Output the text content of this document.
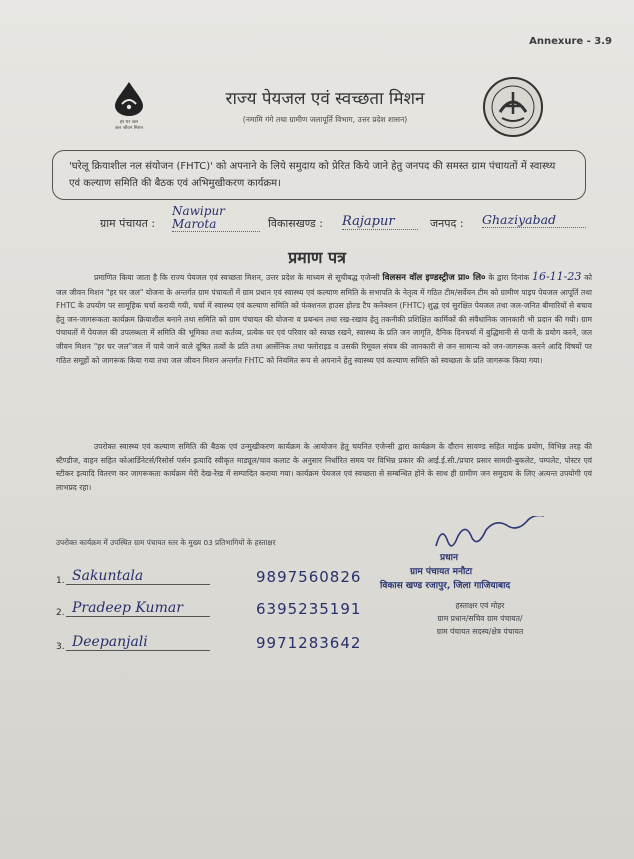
Annexure - 3.9
हर घर जल
जल जीवन मिशन
राज्य पेयजल एवं स्वच्छता मिशन
(नमामि गंगे तथा ग्रामीण जलापूर्ति विभाग, उत्तर प्रदेश शासन)
'घरेलू क्रियाशील नल संयोजन (FHTC)' को अपनाने के लिये समुदाय को प्रेरित किये जाने हेतु जनपद की समस्त ग्राम पंचायतों में स्वास्थ्य एवं कल्याण समिति की बैठक एवं अभिमुखीकरण कार्यक्रम।
ग्राम पंचायत :
Nawipur Marota	विकासखण्ड : Rajapur	जनपद : Ghaziyabad
प्रमाण पत्र
प्रमाणित किया जाता है कि राज्य पेयजल एवं स्वच्छता मिशन, उत्तर प्रदेश के माध्यम से सूचीबद्ध एजेन्सी विलसन वॉल इण्डस्ट्रीज प्रा० लि० के द्वारा दिनांक 16-11-23 को जल जीवन मिशन "हर घर जल" योजना के अन्तर्गत ग्राम पंचायतों में ग्राम प्रधान एवं स्वास्थ्य एवं कल्याण समिति के सभापति के नेतृत्व में गठित टीम/सर्वेयन टीम को ग्रामीण पाइप पेयजल आपूर्ति तथा FHTC के उपयोग पर सामूहिक चर्चा करायी गयी, चर्चा में स्वास्थ्य एवं कल्याण समिति को फंक्शनल हाउस होल्ड टैप कनेक्शन (FHTC) शुद्ध एवं सुरक्षित पेयजल तथा जल-जनित बीमारियों से बचाव हेतु जन-जागरूकता कार्यक्रम क्रियाशील बनाने तथा समिति को ग्राम पंचायत की योजना व प्रबन्धन तथा रख-रखाव हेतु तकनीकी प्रशिक्षित कार्मिकों की संवैधानिक जानकारी भी प्रदान की गयी। ग्राम पंचायतों में पेयजल की उपलब्धता में समिति की भूमिका तथा कर्तव्य, प्रत्येक घर एवं परिवार को स्वच्छ रखने, स्वास्थ्य के प्रति जन जागृति, दैनिक दिनचर्या में बुद्धिमानी से पानी के प्रयोग करने, जल जीवन मिशन "हर घर जल"जल में पाये जाने वाले दूषित तत्वों के प्रति तथा आर्सेनिक तथा फ्लोराइड व उसकी रिमूवल संयत्र की जानकारी से जन सामान्य को जन-जागरूक करने आदि विषयों पर गठित समूहों को जागरूक किया गया तथा जल जीवन मिशन अन्तर्गत FHTC को नियमित रूप से अपनाने हेतु स्वास्थ्य एवं कल्याण समिति को स्वच्छता के प्रति जागरूक किया गया।
उपरोक्त स्वास्थ्य एवं कल्याण समिति की बैठक एवं उन्मुखीकरण कार्यक्रम के आयोजन हेतु चयनित एजेन्सी द्वारा कार्यक्रम के दौरान सावण्ड सहित माईक प्रयोग, विभिन्न तरह की स्टैण्डीज, वाहन सहित कोआर्डिनेटर्स/रिसोर्स पर्सन इत्यादि स्वीकृत माड्यूल/चाव कलाट के अनुसार निर्धारित समय पर विभिन्न प्रकार की आई.ई.सी./प्रचार प्रसार सामग्री-बुकलेट, पम्पलेट, पोस्टर एवं स्टीकर इत्यादि वितरण कर जागरूकता कार्यक्रम मेरी देख-रेख में सम्पादित कराया गया। कार्यक्रम पेयजल एवं स्वच्छता से सम्बन्धित होने के साथ ही ग्रामीण जन समुदाय के लिए अत्यन्त उपयोगी एवं लाभप्रद रहा।
उपरोक्त कार्यक्रम में उपस्थित ग्राम पंचायत स्तर के मुख्य 03 प्रतिभागियों के हस्ताक्षर
1. Sakuntala	9897560826
2. Pradeep Kumar	6395235191
3. Deepanjali	9971283642
प्रधान
ग्राम पंचायत मनौटा
विकास खण्ड रजापुर, जिला गाजियाबाद
हस्ताक्षर एवं मोहर
ग्राम प्रधान/सचिव ग्राम पंचायत/
ग्राम पंचायत सदस्य/क्षेत्र पंचायत
